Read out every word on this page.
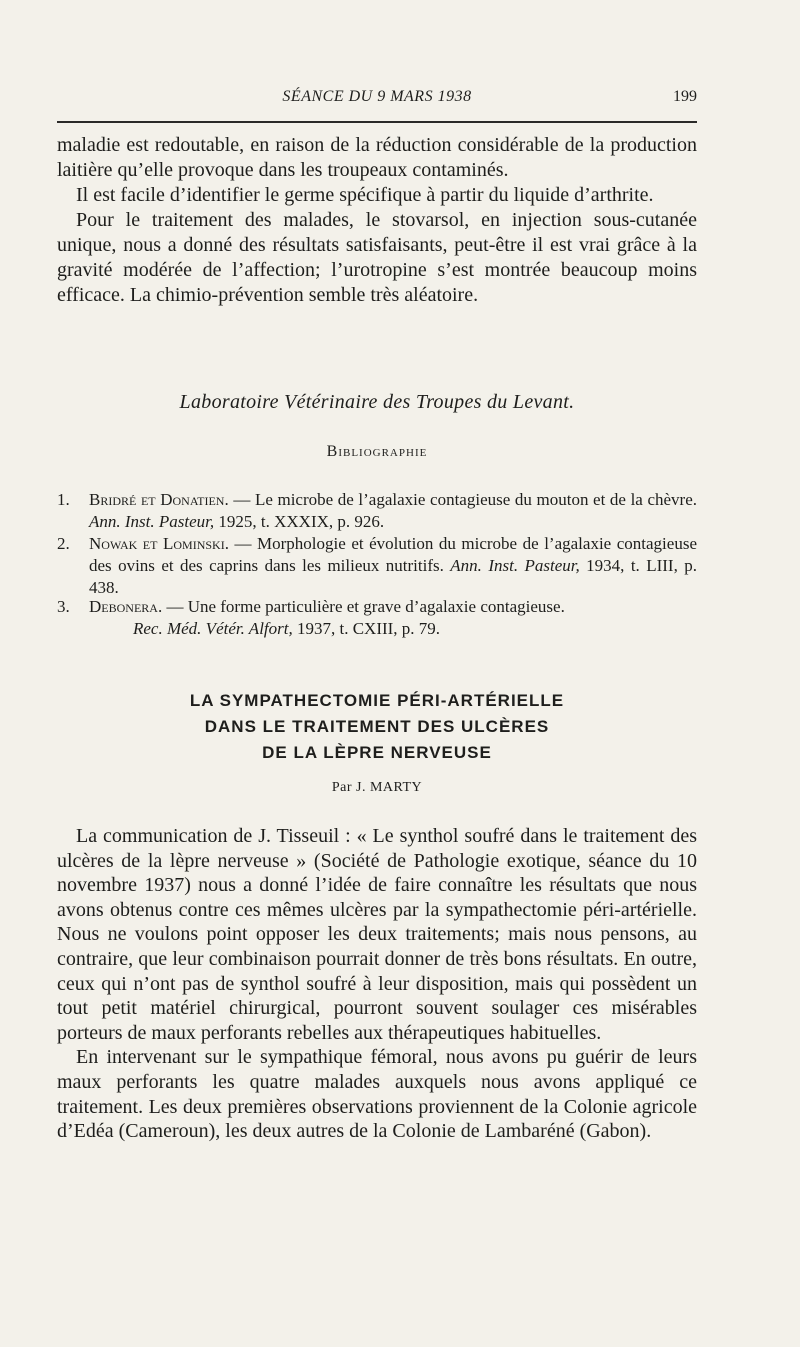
SÉANCE DU 9 MARS 1938	199

maladie est redoutable, en raison de la réduction considérable de la production laitière qu’elle provoque dans les troupeaux contaminés.

Il est facile d’identifier le germe spécifique à partir du liquide d’arthrite.

Pour le traitement des malades, le stovarsol, en injection sous-cutanée unique, nous a donné des résultats satisfaisants, peut-être il est vrai grâce à la gravité modérée de l’affection; l’urotropine s’est montrée beaucoup moins efficace. La chimio-prévention semble très aléatoire.

Laboratoire Vétérinaire des Troupes du Levant.
Bibliographie
1. Bridré et Donatien. — Le microbe de l’agalaxie contagieuse du mouton et de la chèvre. Ann. Inst. Pasteur, 1925, t. XXXIX, p. 926.
2. Nowak et Lominski. — Morphologie et évolution du microbe de l’agalaxie contagieuse des ovins et des caprins dans les milieux nutritifs. Ann. Inst. Pasteur, 1934, t. LIII, p. 438.
3. Debonera. — Une forme particulière et grave d’agalaxie contagieuse.
Rec. Méd. Vétér. Alfort, 1937, t. CXIII, p. 79.
LA SYMPATHECTOMIE PÉRI-ARTÉRIELLE
DANS LE TRAITEMENT DES ULCÈRES
DE LA LÈPRE NERVEUSE
Par J. MARTY

La communication de J. Tisseuil : « Le synthol soufré dans le traitement des ulcères de la lèpre nerveuse » (Société de Pathologie exotique, séance du 10 novembre 1937) nous a donné l’idée de faire connaître les résultats que nous avons obtenus contre ces mêmes ulcères par la sympathectomie péri-artérielle. Nous ne voulons point opposer les deux traitements; mais nous pensons, au contraire, que leur combinaison pourrait donner de très bons résultats. En outre, ceux qui n’ont pas de synthol soufré à leur disposition, mais qui possèdent un tout petit matériel chirurgical, pourront souvent soulager ces misérables porteurs de maux perforants rebelles aux thérapeutiques habituelles.

En intervenant sur le sympathique fémoral, nous avons pu guérir de leurs maux perforants les quatre malades auxquels nous avons appliqué ce traitement. Les deux premières observations proviennent de la Colonie agricole d’Edéa (Cameroun), les deux autres de la Colonie de Lambaréné (Gabon).
